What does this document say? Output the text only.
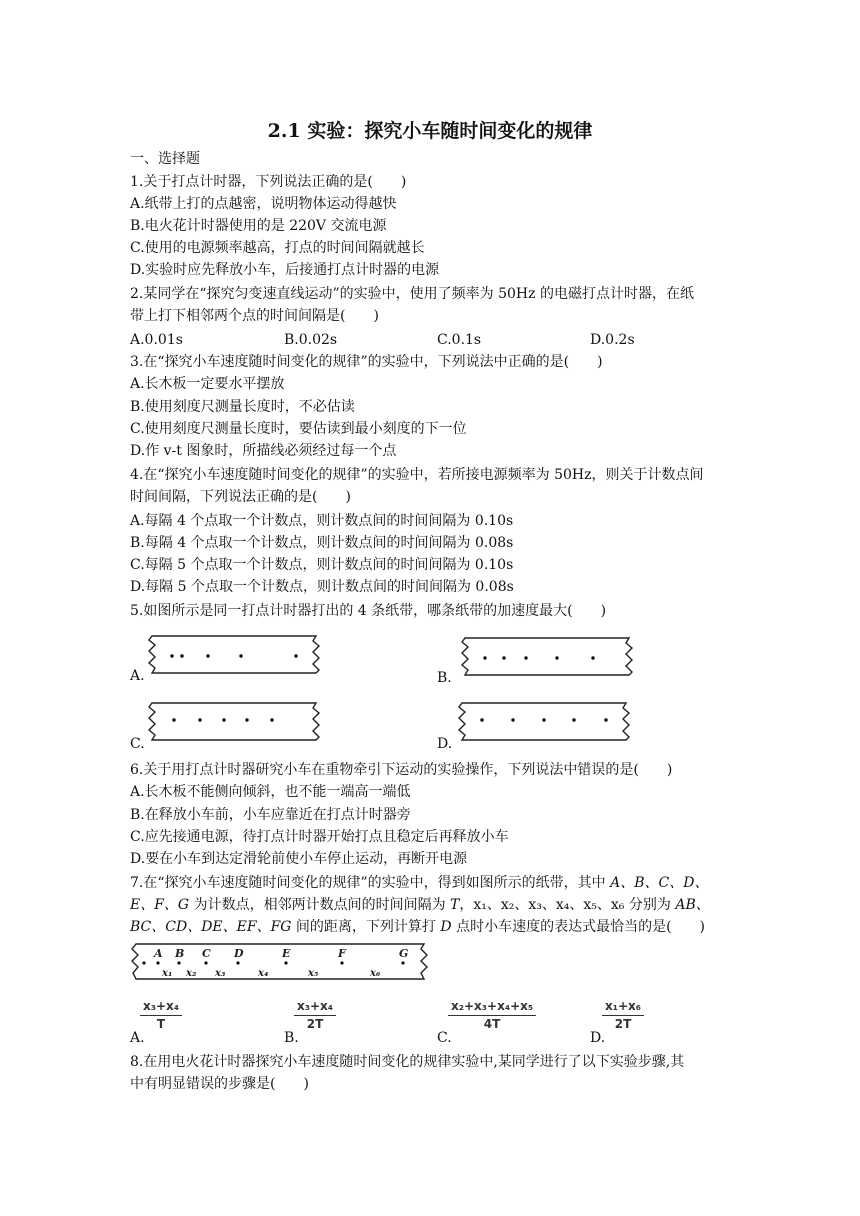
2.1 实验：探究小车随时间变化的规律
一、选择题
1.关于打点计时器，下列说法正确的是(　　)
A.纸带上打的点越密，说明物体运动得越快
B.电火花计时器使用的是 220V 交流电源
C.使用的电源频率越高，打点的时间间隔就越长
D.实验时应先释放小车，后接通打点计时器的电源
2.某同学在“探究匀变速直线运动”的实验中，使用了频率为 50Hz 的电磁打点计时器，在纸
带上打下相邻两个点的时间间隔是(　　)
A.0.01s	B.0.02s	C.0.1s	D.0.2s
3.在“探究小车速度随时间变化的规律”的实验中，下列说法中正确的是(　　)
A.长木板一定要水平摆放
B.使用刻度尺测量长度时，不必估读
C.使用刻度尺测量长度时，要估读到最小刻度的下一位
D.作 v-t 图象时，所描线必须经过每一个点
4.在“探究小车速度随时间变化的规律”的实验中，若所接电源频率为 50Hz，则关于计数点间
时间间隔，下列说法正确的是(　　)
A.每隔 4 个点取一个计数点，则计数点间的时间间隔为 0.10s
B.每隔 4 个点取一个计数点，则计数点间的时间间隔为 0.08s
C.每隔 5 个点取一个计数点，则计数点间的时间间隔为 0.10s
D.每隔 5 个点取一个计数点，则计数点间的时间间隔为 0.08s
5.如图所示是同一打点计时器打出的 4 条纸带，哪条纸带的加速度最大(　　)
A.	B.
C.	D.
6.关于用打点计时器研究小车在重物牵引下运动的实验操作，下列说法中错误的是(　　)
A.长木板不能侧向倾斜，也不能一端高一端低
B.在释放小车前，小车应靠近在打点计时器旁
C.应先接通电源，待打点计时器开始打点且稳定后再释放小车
D.要在小车到达定滑轮前使小车停止运动，再断开电源
7.在“探究小车速度随时间变化的规律”的实验中，得到如图所示的纸带，其中 A、B、C、D、
E、F、G 为计数点，相邻两计数点间的时间间隔为 T，x₁、x₂、x₃、x₄、x₅、x₆ 分别为 AB、
BC、CD、DE、EF、FG 间的距离，下列计算打 D 点时小车速度的表达式最恰当的是(　　)
A B C D	E	F	G
x₁ x₂ x₃	x₄	x₅	x₆
$\frac{\text{x₃+x₄}}{T}$
A.
$\frac{\text{x₃+x₄}}{2T}$
B.
$\frac{\text{x₂+x₃+x₄+x₅}}{4T}$
C.
$\frac{\text{x₁+x₆}}{2T}$
D.
8.在用电火花计时器探究小车速度随时间变化的规律实验中,某同学进行了以下实验步骤,其
中有明显错误的步骤是(　　)
